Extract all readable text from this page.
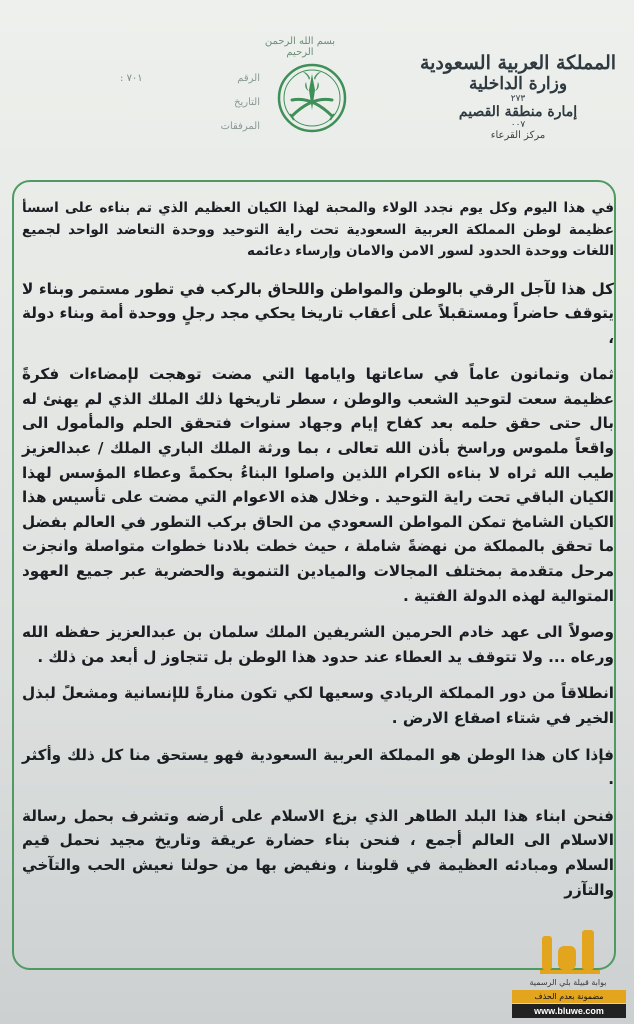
بسم الله الرحمن الرحيم	المملكة العربية السعودية
وزارة الداخلية
٢٧٣
إمارة منطقة القصيم
٠٠٧
مركز القرعاء
الرقم
٧٠١ :
التاريخ
المرفقات

في هذا اليوم وكل يوم نجدد الولاء والمحبة لهذا الكيان العظيم الذي تم بناءه على اسسأ عظيمة لوطن المملكة العربية السعودية تحت راية التوحيد ووحدة التعاضد الواحد لجميع اللغات ووحدة الحدود لسور الامن والامان وإرساء دعائمه

كل هذا لآجل الرقي بالوطن والمواطن واللحاق بالركب في تطور مستمر وبناء لا يتوقف حاضراً ومستقبلاً على أعقاب تاريخا يحكي مجد رجلٍ ووحدة أمة وبناء دولة ،

ثمان وتمانون عاماً في ساعاتها وايامها التي مضت توهجت لإمضاءات فكرةً عظيمة سعت لتوحيد الشعب والوطن ، سطر تاريخها ذلك الملك الذي لم يهنئ له بال حتى حقق حلمه بعد كفاح إيام وجهاد سنوات فتحقق الحلم والمأمول الى واقعاً ملموس وراسخ بأذن الله تعالى ، بما ورثة الملك الباري الملك / عبدالعزيز طيب الله ثراه لا بناءه الكرام اللذين واصلوا البناءُ بحكمةً وعطاء المؤسس لهذا الكيان الباقي تحت راية التوحيد . وخلال هذه الاعوام التي مضت على تأسيس هذا الكيان الشامخ تمكن المواطن السعودي من الحاق بركب التطور في العالم بفضل ما تحقق بالمملكة من نهضةً شاملة ، حيث خطت بلادنا خطوات متواصلة وانجزت مرحل متقدمة بمختلف المجالات والميادين التنموية والحضرية عبر جميع العهود المتوالية لهذه الدولة الفتية .

وصولاً الى عهد خادم الحرمين الشريفين الملك سلمان بن عبدالعزيز حفظه الله ورعاه ... ولا تتوقف يد العطاء عند حدود هذا الوطن بل تتجاوز ل أبعد من ذلك .

انطلاقاً من دور المملكة الريادي وسعيها لكي تكون منارةً للإنسانية ومشعلً لبذل الخير في شتاء اصقاع الارض .

فإذا كان هذا الوطن هو المملكة العربية السعودية فهو يستحق منا كل ذلك وأكثر .

فنحن ابناء هذا البلد الطاهر الذي بزع الاسلام على أرضه وتشرف بحمل رسالة الاسلام الى العالم أجمع ، فنحن بناء حضارة عريقة وتاريخ مجيد نحمل قيم السلام ومبادئه العظيمة في قلوبنا ، ونفيض بها من حولنا نعيش الحب والتآخي والتآزر

بوابة قبيلة بلي الرسمية
مضمونة بعدم الحذف
www.bluwe.com
